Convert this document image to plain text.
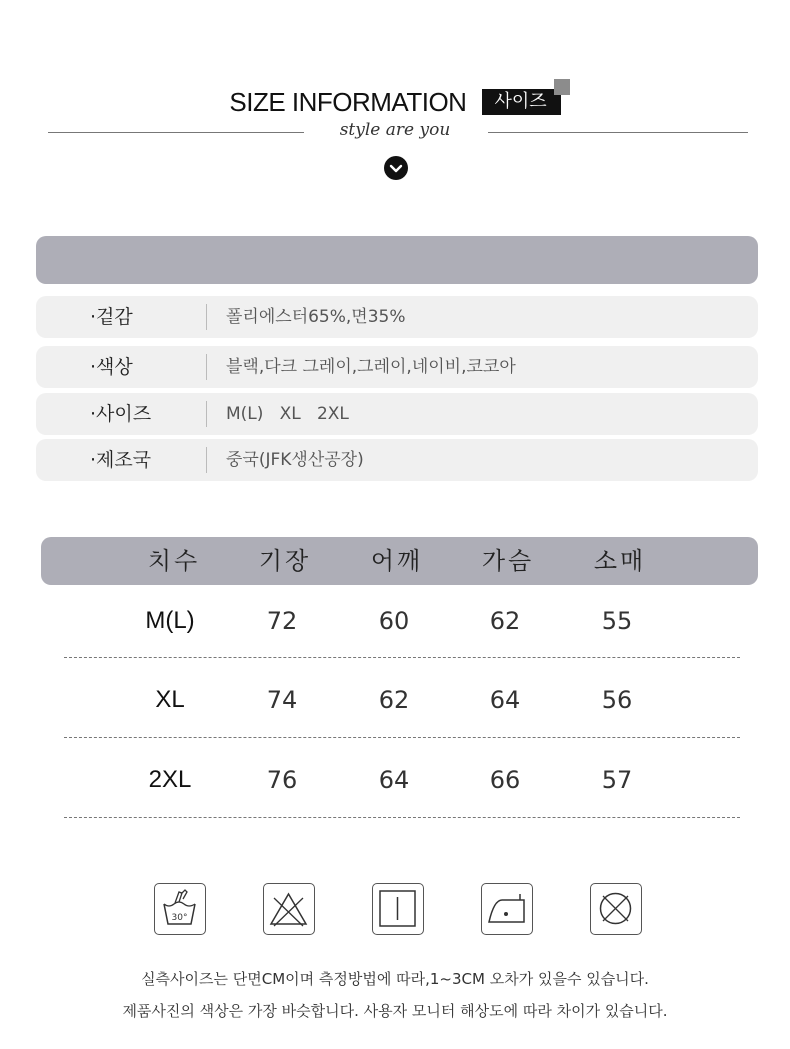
SIZE INFORMATION	사이즈
style are you
·겉감	폴리에스터65%,면35%
·색상	블랙,다크 그레이,그레이,네이비,코코아
·사이즈	M(L)   XL   2XL
·제조국	중국(JFK생산공장)
치수	기장	어깨	가슴	소매
M(L)	72	60	62	55
XL	74	62	64	56
2XL	76	64	66	57
30°
실측사이즈는 단면CM이며 측정방법에 따라,1~3CM 오차가 있을수 있습니다.
제품사진의 색상은 가장 바슷합니다. 사용자 모니터 해상도에 따라 차이가 있습니다.
